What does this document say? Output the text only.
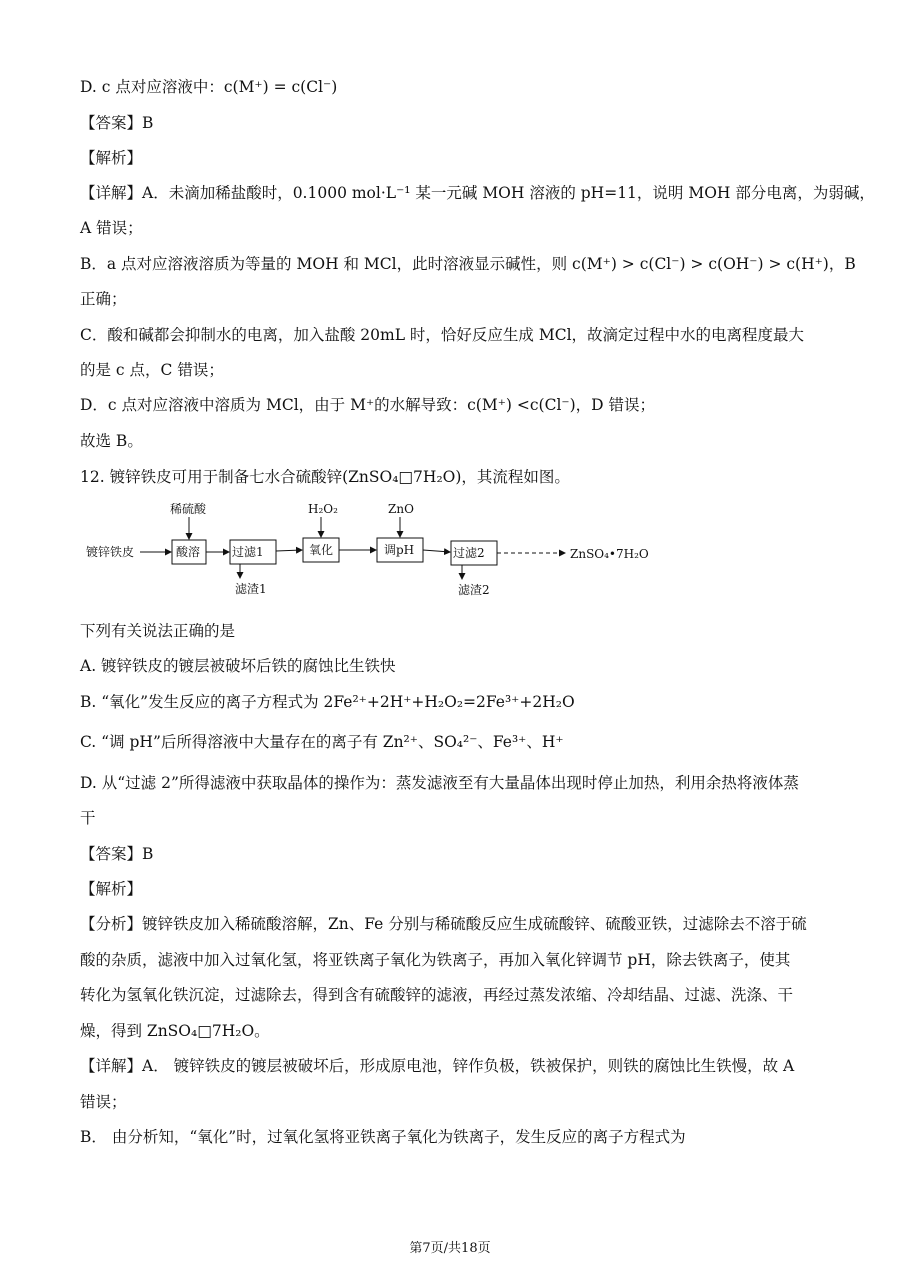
D. c 点对应溶液中：c(M⁺) = c(Cl⁻)
【答案】B
【解析】
【详解】A．未滴加稀盐酸时，0.1000 mol·L⁻¹ 某一元碱 MOH 溶液的 pH=11，说明 MOH 部分电离，为弱碱，
A 错误；
B．a 点对应溶液溶质为等量的 MOH 和 MCl，此时溶液显示碱性，则 c(M⁺) > c(Cl⁻) > c(OH⁻) > c(H⁺)，B
正确；
C．酸和碱都会抑制水的电离，加入盐酸 20mL 时，恰好反应生成 MCl，故滴定过程中水的电离程度最大
的是 c 点，C 错误；
D．c 点对应溶液中溶质为 MCl，由于 M⁺的水解导致：c(M⁺) <c(Cl⁻)，D 错误；
故选 B。
12. 镀锌铁皮可用于制备七水合硫酸锌(ZnSO₄□7H₂O)，其流程如图。
镀锌铁皮	酸溶	过滤1	氧化	调pH	过滤2
稀硫酸	H₂O₂	ZnO
滤渣1	滤渣2
ZnSO₄•7H₂O
下列有关说法正确的是
A. 镀锌铁皮的镀层被破坏后铁的腐蚀比生铁快
B. “氧化”发生反应的离子方程式为 2Fe²⁺+2H⁺+H₂O₂=2Fe³⁺+2H₂O
C. “调 pH”后所得溶液中大量存在的离子有 Zn²⁺、SO₄²⁻、Fe³⁺、H⁺
D. 从“过滤 2”所得滤液中获取晶体的操作为：蒸发滤液至有大量晶体出现时停止加热，利用余热将液体蒸
干
【答案】B
【解析】
【分析】镀锌铁皮加入稀硫酸溶解，Zn、Fe 分别与稀硫酸反应生成硫酸锌、硫酸亚铁，过滤除去不溶于硫
酸的杂质，滤液中加入过氧化氢，将亚铁离子氧化为铁离子，再加入氧化锌调节 pH，除去铁离子，使其
转化为氢氧化铁沉淀，过滤除去，得到含有硫酸锌的滤液，再经过蒸发浓缩、冷却结晶、过滤、洗涤、干
燥，得到 ZnSO₄□7H₂O。
【详解】A． 镀锌铁皮的镀层被破坏后，形成原电池，锌作负极，铁被保护，则铁的腐蚀比生铁慢，故 A
错误；
B． 由分析知，“氧化”时，过氧化氢将亚铁离子氧化为铁离子，发生反应的离子方程式为
第7页/共18页
